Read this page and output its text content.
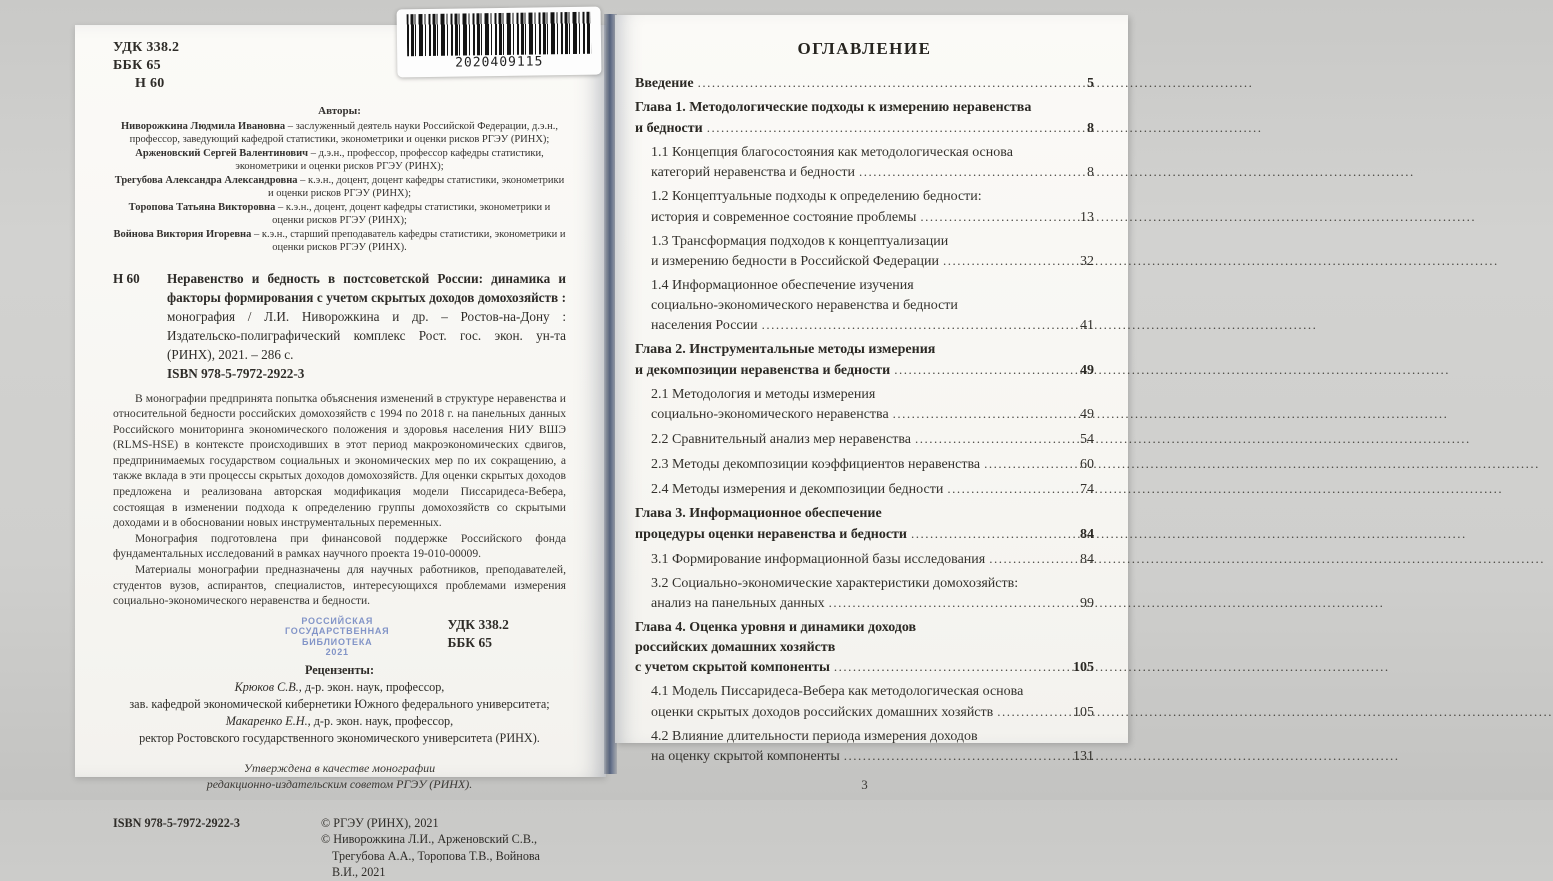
2020409115
УДК 338.2
ББК 65
Н 60
Авторы:
Ниворожкина Людмила Ивановна – заслуженный деятель науки Российской Федерации, д.э.н., профессор, заведующий кафедрой статистики, эконометрики и оценки рисков РГЭУ (РИНХ);
Арженовский Сергей Валентинович – д.э.н., профессор, профессор кафедры статистики, эконометрики и оценки рисков РГЭУ (РИНХ);
Трегубова Александра Александровна – к.э.н., доцент, доцент кафедры статистики, эконометрики и оценки рисков РГЭУ (РИНХ);
Торопова Татьяна Викторовна – к.э.н., доцент, доцент кафедры статистики, эконометрики и оценки рисков РГЭУ (РИНХ);
Войнова Виктория Игоревна – к.э.н., старший преподаватель кафедры статистики, эконометрики и оценки рисков РГЭУ (РИНХ).
Н 60	Неравенство и бедность в постсоветской России: динамика и факторы формирования с учетом скрытых доходов домохозяйств : монография / Л.И. Ниворожкина и др. – Ростов-на-Дону : Издательско-полиграфический комплекс Рост. гос. экон. ун-та (РИНХ), 2021. – 286 с.
ISBN 978-5-7972-2922-3

В монографии предпринята попытка объяснения изменений в структуре неравенства и относительной бедности российских домохозяйств с 1994 по 2018 г. на панельных данных Российского мониторинга экономического положения и здоровья населения НИУ ВШЭ (RLMS-HSE) в контексте происходивших в этот период макроэкономических сдвигов, предпринимаемых государством социальных и экономических мер по их сокращению, а также вклада в эти процессы скрытых доходов домохозяйств. Для оценки скрытых доходов предложена и реализована авторская модификация модели Писсаридеса-Вебера, состоящая в изменении подхода к определению группы домохозяйств со скрытыми доходами и в обосновании новых инструментальных переменных.

Монография подготовлена при финансовой поддержке Российского фонда фундаментальных исследований в рамках научного проекта 19-010-00009.

Материалы монографии предназначены для научных работников, преподавателей, студентов вузов, аспирантов, специалистов, интересующихся проблемами измерения социально-экономического неравенства и бедности.

РОССИЙСКАЯ
ГОСУДАРСТВЕННАЯ
БИБЛИОТЕКА
2021
УДК 338.2
ББК 65
Рецензенты:
Крюков С.В., д-р. экон. наук, профессор,
зав. кафедрой экономической кибернетики Южного федерального университета;
Макаренко Е.Н., д-р. экон. наук, профессор,
ректор Ростовского государственного экономического университета (РИНХ).
Утверждена в качестве монографии
редакционно-издательским советом РГЭУ (РИНХ).
ISBN 978-5-7972-2922-3	© РГЭУ (РИНХ), 2021
© Ниворожкина Л.И., Арженовский С.В.,
Трегубова А.А., Торопова Т.В., Войнова В.И., 2021
ОГЛАВЛЕНИЕ
Введение .....	5
Глава 1. Методологические подходы к измерению неравенства
и бедности .....	8
1.1 Концепция благосостояния как методологическая основа
категорий неравенства и бедности .....	8
1.2 Концептуальные подходы к определению бедности:
история и современное состояние проблемы .....	13
1.3 Трансформация подходов к концептуализации
и измерению бедности в Российской Федерации .....	32
1.4 Информационное обеспечение изучения
социально-экономического неравенства и бедности
населения России .....	41
Глава 2. Инструментальные методы измерения
и декомпозиции неравенства и бедности .....	49
2.1 Методология и методы измерения
социально-экономического неравенства .....	49
2.2 Сравнительный анализ мер неравенства .....	54
2.3 Методы декомпозиции коэффициентов неравенства .....	60
2.4 Методы измерения и декомпозиции бедности .....	74
Глава 3. Информационное обеспечение
процедуры оценки неравенства и бедности .....	84
3.1 Формирование информационной базы исследования .....	84
3.2 Социально-экономические характеристики домохозяйств:
анализ на панельных данных .....	99
Глава 4. Оценка уровня и динамики доходов
российских домашних хозяйств
с учетом скрытой компоненты .....	105
4.1 Модель Писсаридеса-Вебера как методологическая основа
оценки скрытых доходов российских домашних хозяйств .....	105
4.2 Влияние длительности периода измерения доходов
на оценку скрытой компоненты .....	131
3
